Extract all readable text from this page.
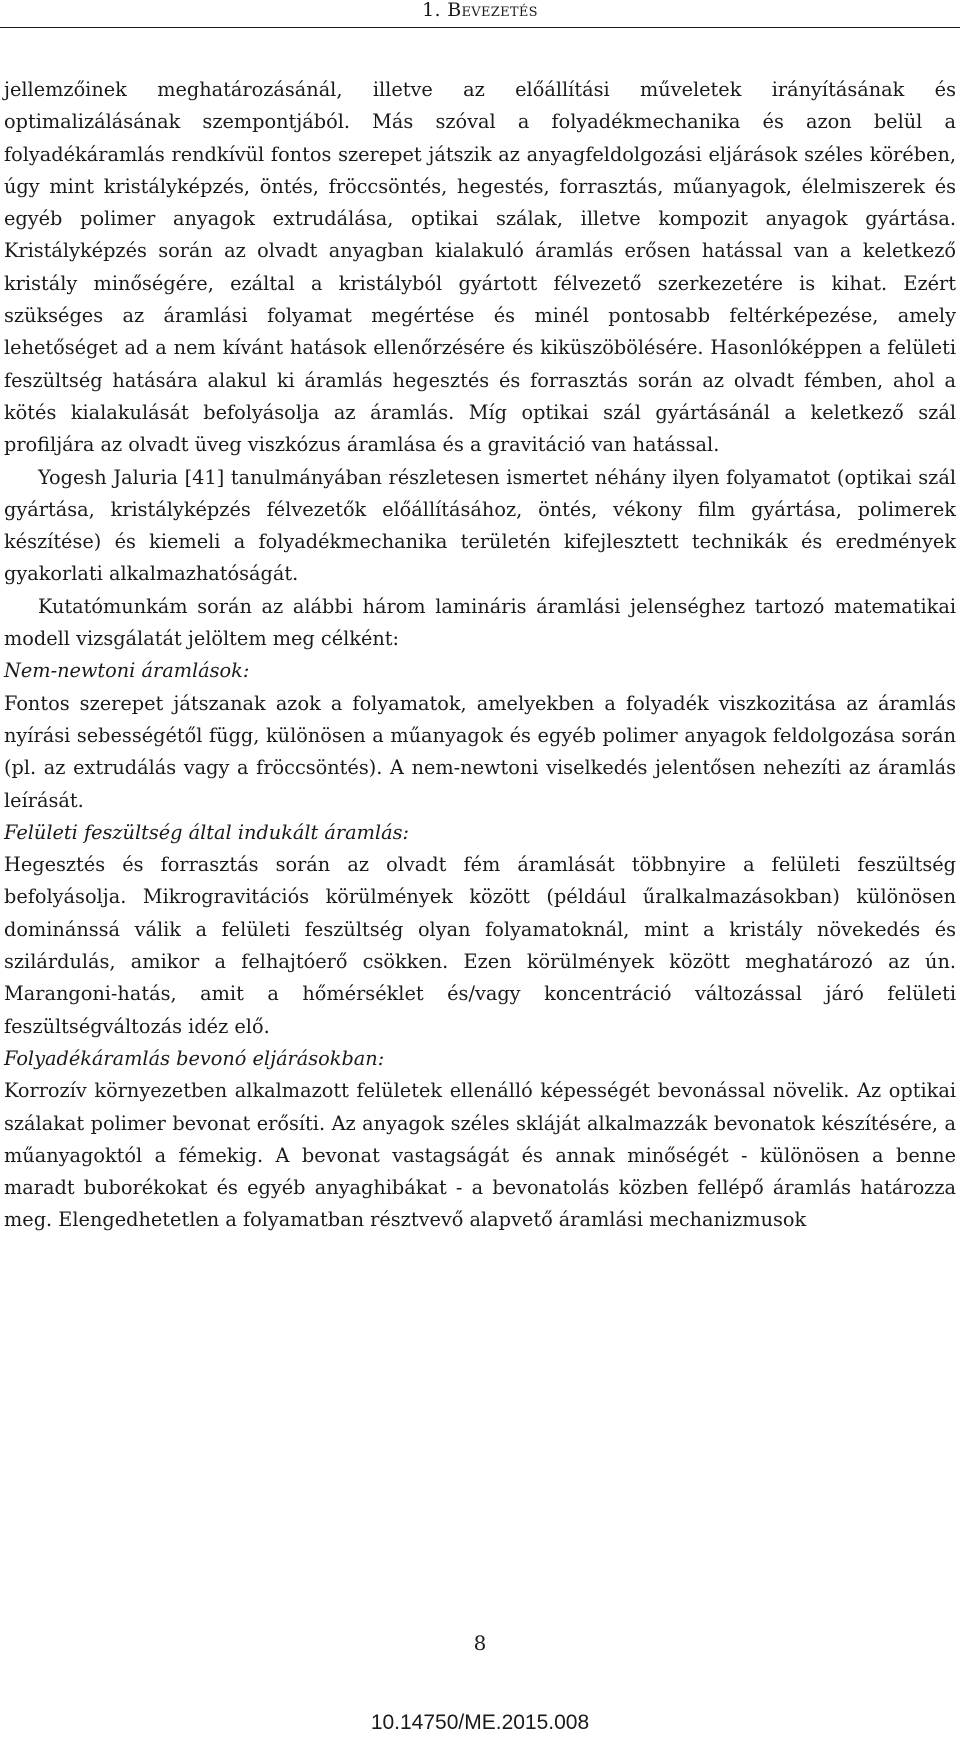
1. Bevezetés

jellemzőinek meghatározásánál, illetve az előállítási műveletek irányításának és optimalizálásának szempontjából. Más szóval a folyadékmechanika és azon belül a folyadékáramlás rendkívül fontos szerepet játszik az anyagfeldolgozási eljárások széles körében, úgy mint kristályképzés, öntés, fröccsöntés, hegestés, forrasztás, műanyagok, élelmiszerek és egyéb polimer anyagok extrudálása, optikai szálak, illetve kompozit anyagok gyártása. Kristályképzés során az olvadt anyagban kialakuló áramlás erősen hatással van a keletkező kristály minőségére, ezáltal a kristályból gyártott félvezető szerkezetére is kihat. Ezért szükséges az áramlási folyamat megértése és minél pontosabb feltérképezése, amely lehetőséget ad a nem kívánt hatások ellenőrzésére és kiküszöbölésére. Hasonlóképpen a felületi feszültség hatására alakul ki áramlás hegesztés és forrasztás során az olvadt fémben, ahol a kötés kialakulását befolyásolja az áramlás. Míg optikai szál gyártásánál a keletkező szál profiljára az olvadt üveg viszkózus áramlása és a gravitáció van hatással.

Yogesh Jaluria [41] tanulmányában részletesen ismertet néhány ilyen folyamatot (optikai szál gyártása, kristályképzés félvezetők előállításához, öntés, vékony film gyártása, polimerek készítése) és kiemeli a folyadékmechanika területén kifejlesztett technikák és eredmények gyakorlati alkalmazhatóságát.

Kutatómunkám során az alábbi három lamináris áramlási jelenséghez tartozó matematikai modell vizsgálatát jelöltem meg célként:

Nem-newtoni áramlások:

Fontos szerepet játszanak azok a folyamatok, amelyekben a folyadék viszkozitása az áramlás nyírási sebességétől függ, különösen a műanyagok és egyéb polimer anyagok feldolgozása során (pl. az extrudálás vagy a fröccsöntés). A nem-newtoni viselkedés jelentősen nehezíti az áramlás leírását.

Felületi feszültség által indukált áramlás:

Hegesztés és forrasztás során az olvadt fém áramlását többnyire a felületi feszültség befolyásolja. Mikrogravitációs körülmények között (például űralkalmazásokban) különösen dominánssá válik a felületi feszültség olyan folyamatoknál, mint a kristály növekedés és szilárdulás, amikor a felhajtóerő csökken. Ezen körülmények között meghatározó az ún. Marangoni-hatás, amit a hőmérséklet és/vagy koncentráció változással járó felületi feszültségváltozás idéz elő.

Folyadékáramlás bevonó eljárásokban:

Korrozív környezetben alkalmazott felületek ellenálló képességét bevonással növelik. Az optikai szálakat polimer bevonat erősíti. Az anyagok széles skláját alkalmazzák bevonatok készítésére, a műanyagoktól a fémekig. A bevonat vastagságát és annak minőségét - különösen a benne maradt buborékokat és egyéb anyaghibákat - a bevonatolás közben fellépő áramlás határozza meg. Elengedhetetlen a folyamatban résztvevő alapvető áramlási mechanizmusok

8
10.14750/ME.2015.008
